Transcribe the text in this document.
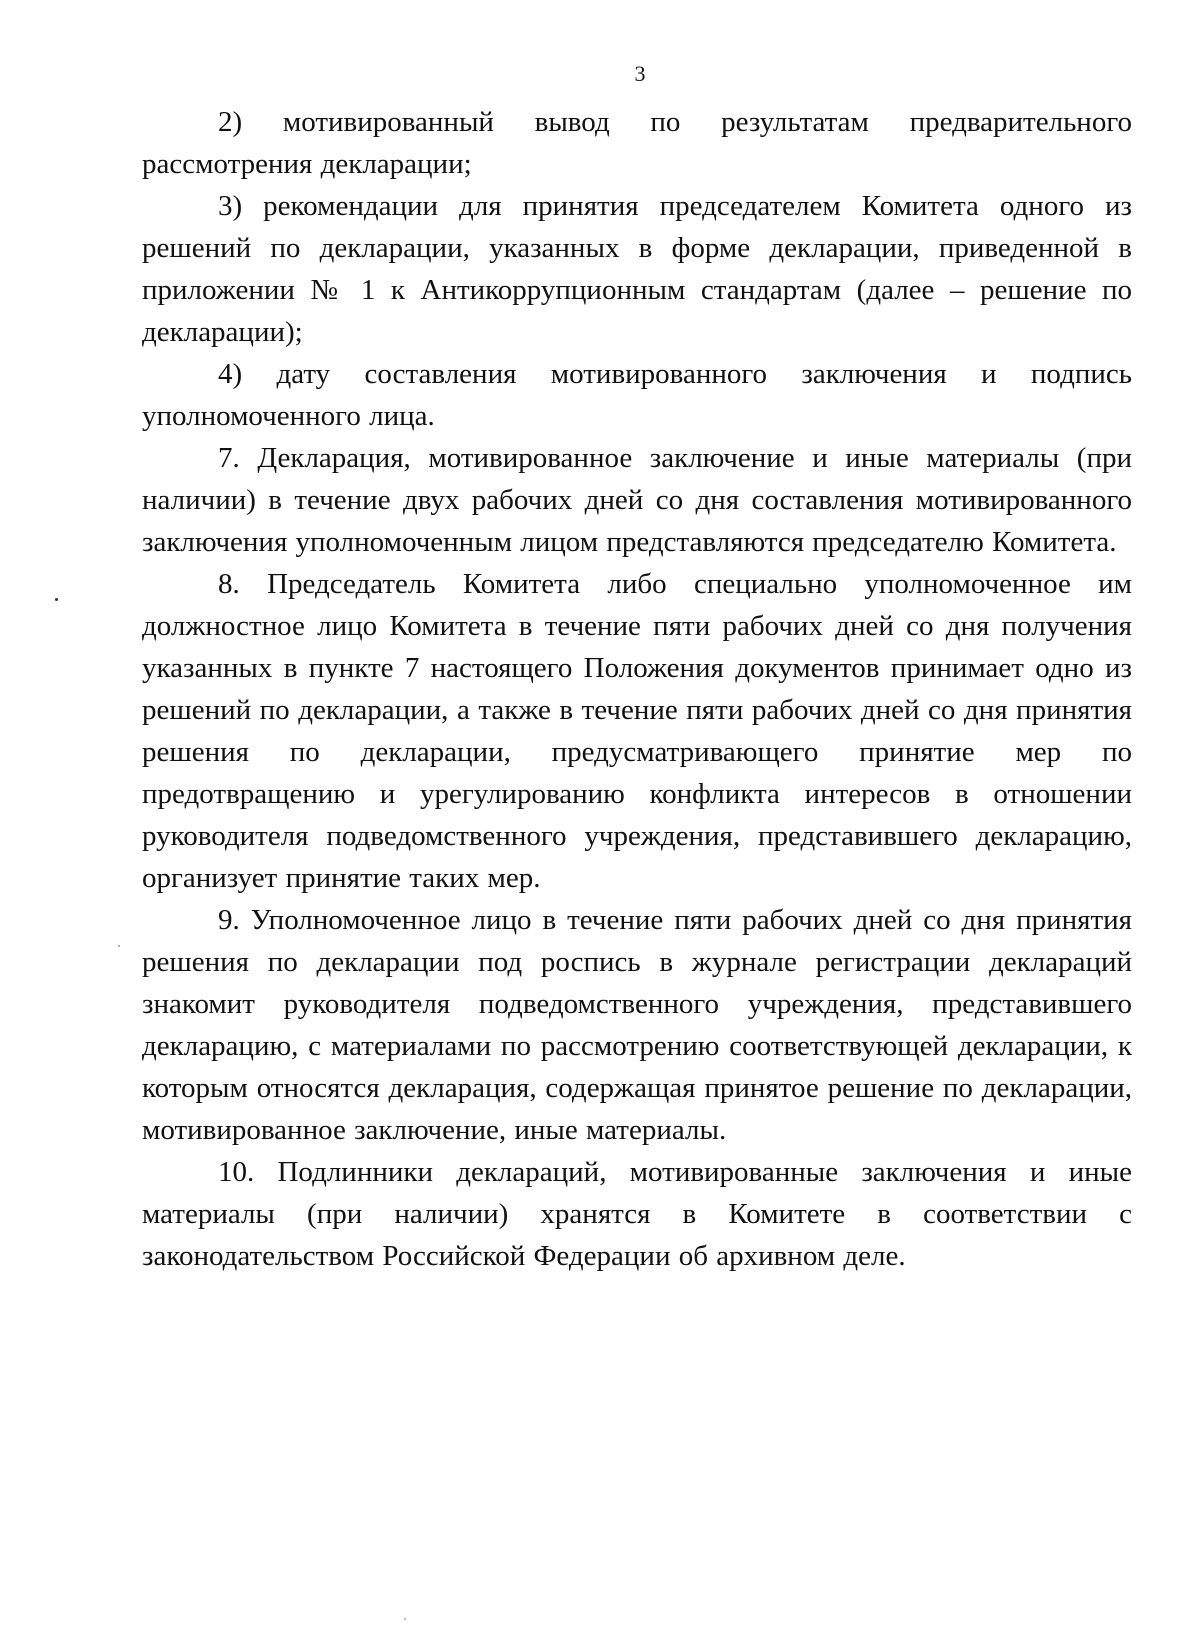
3

2) мотивированный вывод по результатам предварительного рассмотрения декларации;

3) рекомендации для принятия председателем Комитета одного из решений по декларации, указанных в форме декларации, приведенной в приложении № 1 к Антикоррупционным стандартам (далее – решение по декларации);

4) дату составления мотивированного заключения и подпись уполномоченного лица.

7. Декларация, мотивированное заключение и иные материалы (при наличии) в течение двух рабочих дней со дня составления мотивированного заключения уполномоченным лицом представляются председателю Комитета.

8. Председатель Комитета либо специально уполномоченное им должностное лицо Комитета в течение пяти рабочих дней со дня получения указанных в пункте 7 настоящего Положения документов принимает одно из решений по декларации, а также в течение пяти рабочих дней со дня принятия решения по декларации, предусматривающего принятие мер по предотвращению и урегулированию конфликта интересов в отношении руководителя подведомственного учреждения, представившего декларацию, организует принятие таких мер.

9. Уполномоченное лицо в течение пяти рабочих дней со дня принятия решения по декларации под роспись в журнале регистрации деклараций знакомит руководителя подведомственного учреждения, представившего декларацию, с материалами по рассмотрению соответствующей декларации, к которым относятся декларация, содержащая принятое решение по декларации, мотивированное заключение, иные материалы.

10. Подлинники деклараций, мотивированные заключения и иные материалы (при наличии) хранятся в Комитете в соответствии с законодательством Российской Федерации об архивном деле.
